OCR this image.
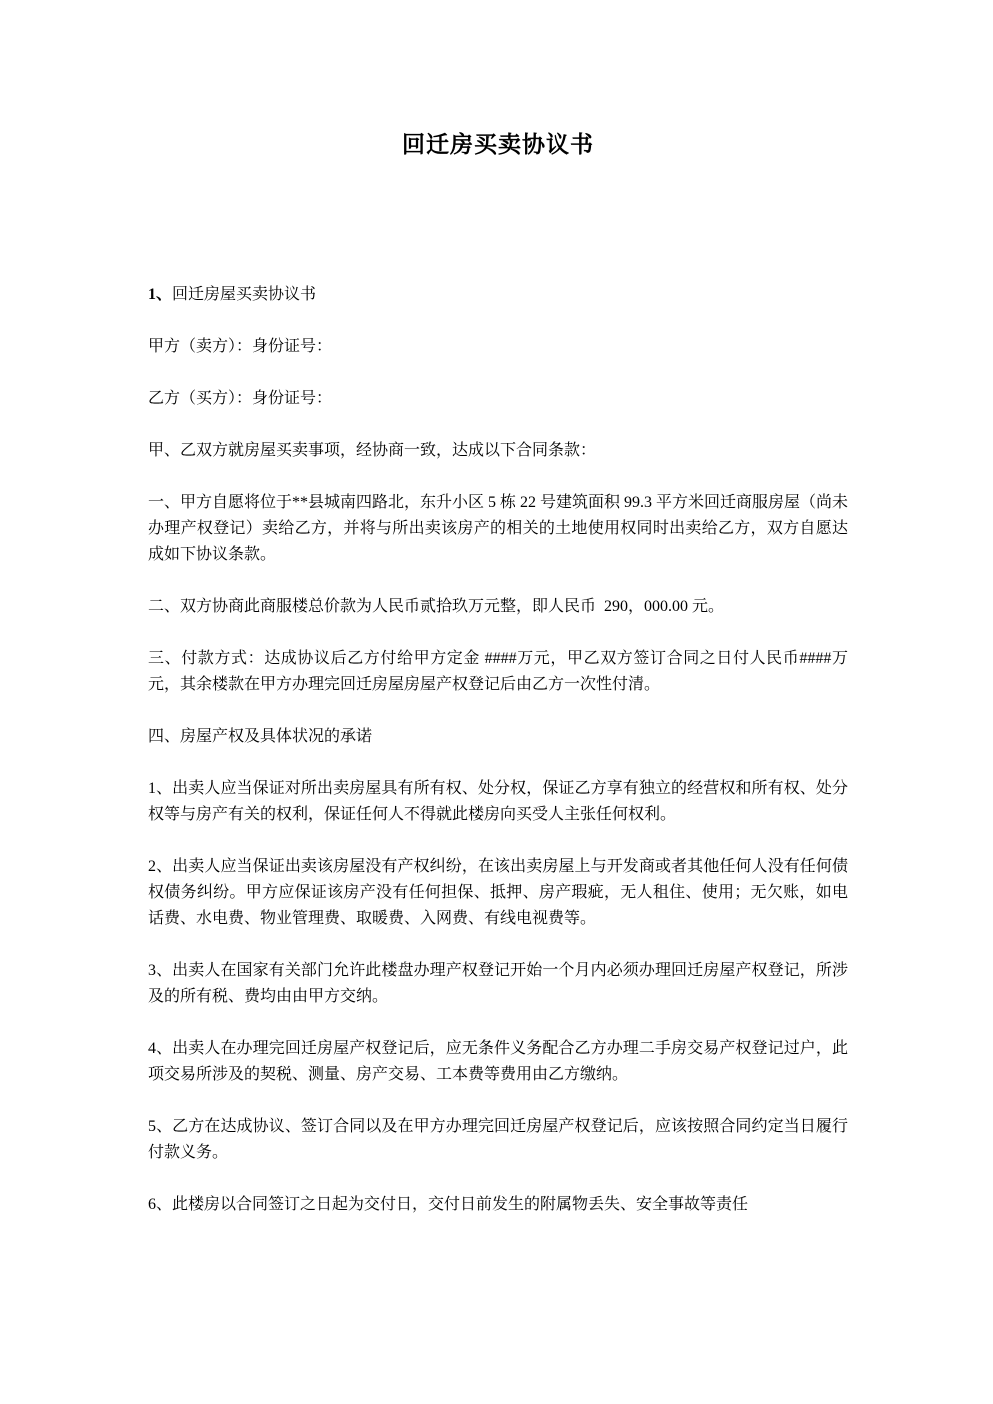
回迁房买卖协议书

1、回迁房屋买卖协议书

甲方（卖方）：身份证号：

乙方（买方）：身份证号：

甲、乙双方就房屋买卖事项，经协商一致，达成以下合同条款：

一、甲方自愿将位于**县城南四路北，东升小区 5 栋 22 号建筑面积 99.3 平方米回迁商服房屋（尚未办理产权登记）卖给乙方，并将与所出卖该房产的相关的土地使用权同时出卖给乙方，双方自愿达成如下协议条款。

二、双方协商此商服楼总价款为人民币贰拾玖万元整，即人民币  290，000.00 元。

三、付款方式：达成协议后乙方付给甲方定金 ####万元，甲乙双方签订合同之日付人民币####万元，其余楼款在甲方办理完回迁房屋房屋产权登记后由乙方一次性付清。

四、房屋产权及具体状况的承诺

1、出卖人应当保证对所出卖房屋具有所有权、处分权，保证乙方享有独立的经营权和所有权、处分权等与房产有关的权利，保证任何人不得就此楼房向买受人主张任何权利。

2、出卖人应当保证出卖该房屋没有产权纠纷，在该出卖房屋上与开发商或者其他任何人没有任何债权债务纠纷。甲方应保证该房产没有任何担保、抵押、房产瑕疵，无人租住、使用；无欠账，如电话费、水电费、物业管理费、取暖费、入网费、有线电视费等。

3、出卖人在国家有关部门允许此楼盘办理产权登记开始一个月内必须办理回迁房屋产权登记，所涉及的所有税、费均由由甲方交纳。

4、出卖人在办理完回迁房屋产权登记后，应无条件义务配合乙方办理二手房交易产权登记过户，此项交易所涉及的契税、测量、房产交易、工本费等费用由乙方缴纳。

5、乙方在达成协议、签订合同以及在甲方办理完回迁房屋产权登记后，应该按照合同约定当日履行付款义务。

6、此楼房以合同签订之日起为交付日，交付日前发生的附属物丢失、安全事故等责任
